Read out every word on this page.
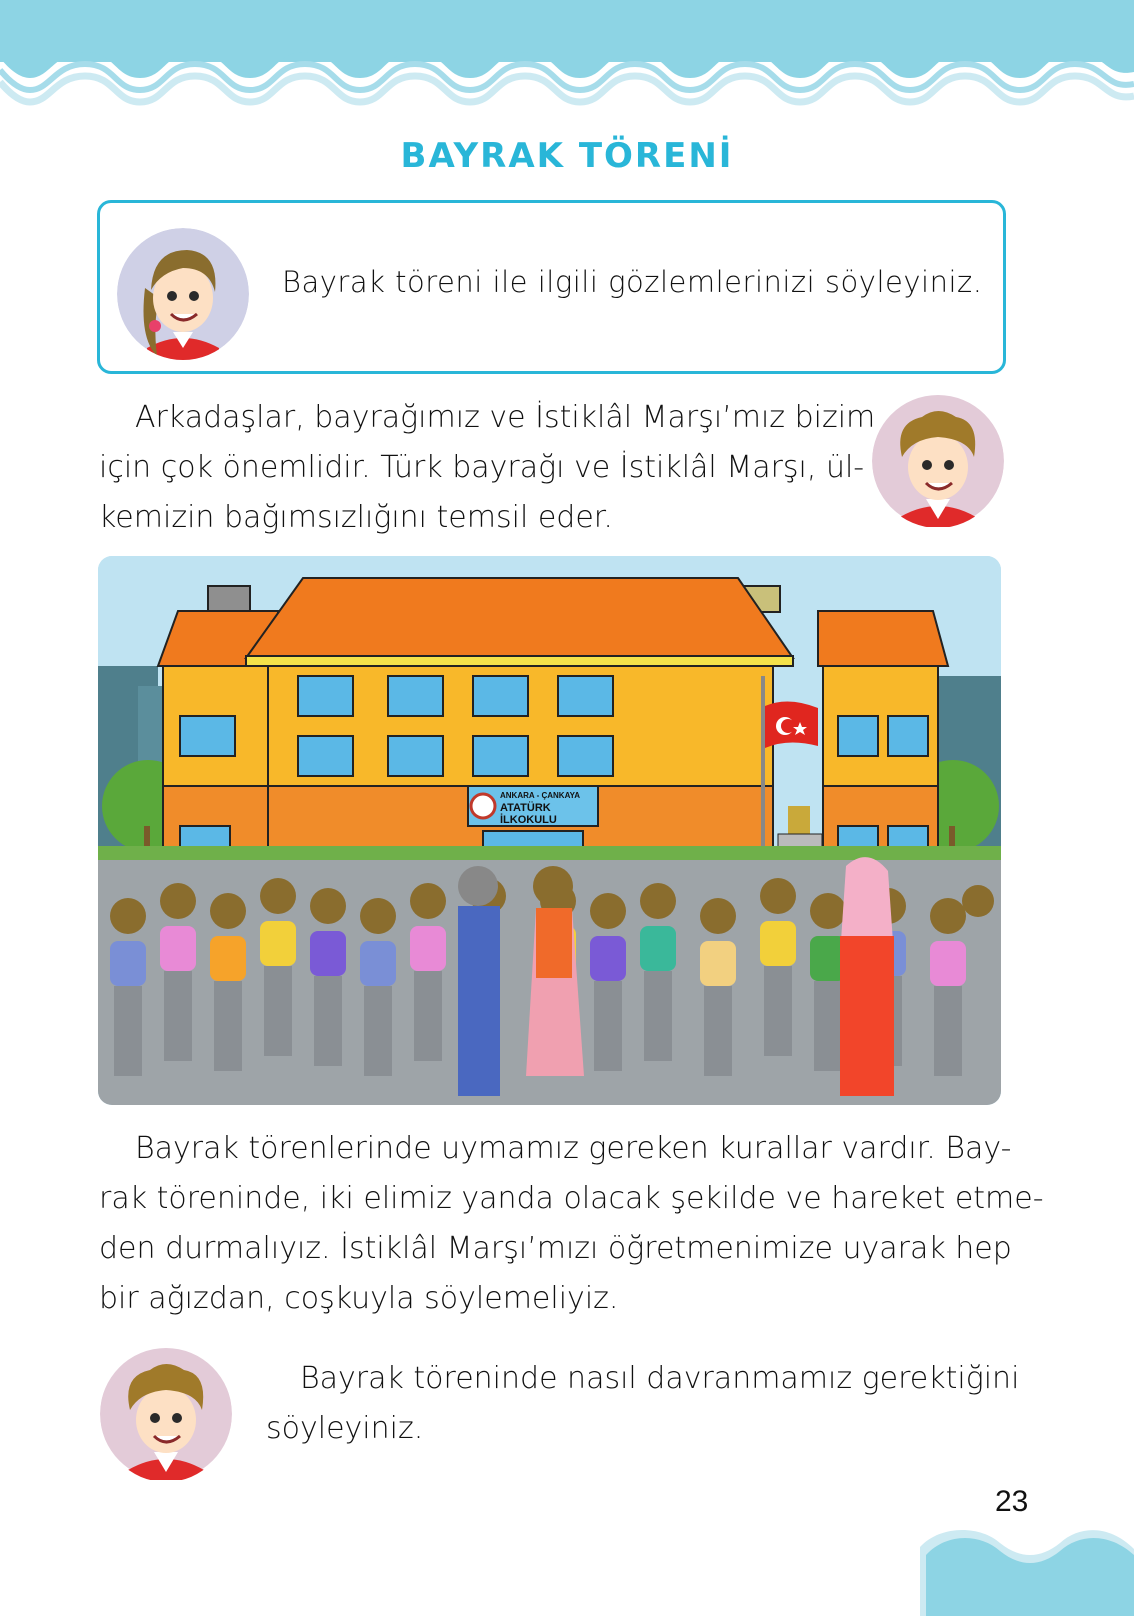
BAYRAK TÖRENİ
Bayrak töreni ile ilgili gözlemlerinizi söyleyiniz.
Arkadaşlar, bayrağımız ve İstiklâl Marşı’mız bizim
için çok önemlidir. Türk bayrağı ve İstiklâl Marşı, ül-
kemizin bağımsızlığını temsil eder.
ANKARA - ÇANKAYA
ATATÜRK
İLKOKULU
Bayrak törenlerinde uymamız gereken kurallar vardır. Bay-
rak töreninde, iki elimiz yanda olacak şekilde ve hareket etme-
den durmalıyız. İstiklâl Marşı’mızı öğretmenimize uyarak hep
bir ağızdan, coşkuyla söylemeliyiz.
Bayrak töreninde nasıl davranmamız gerektiğini
söyleyiniz.
23
